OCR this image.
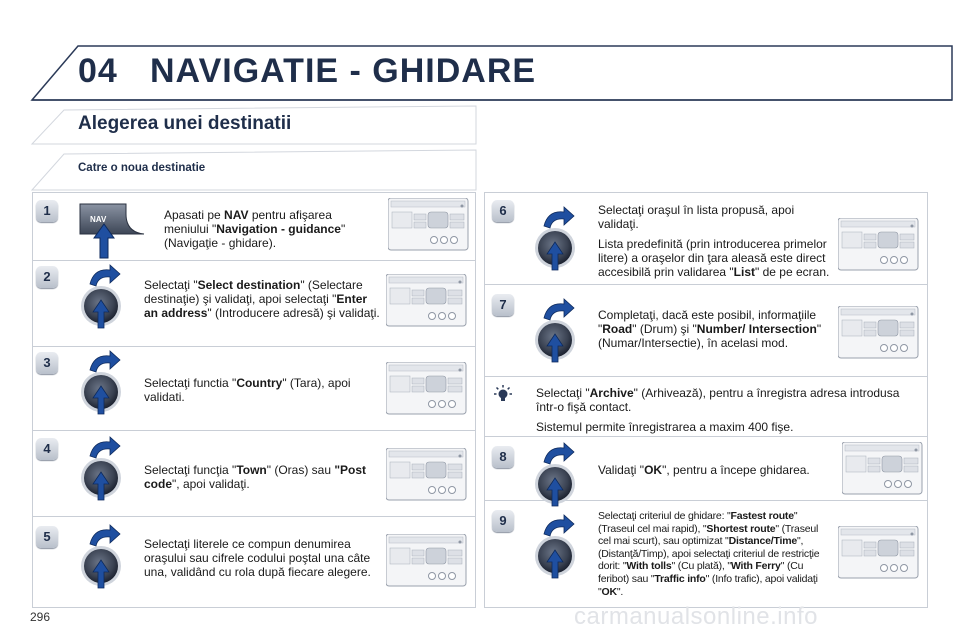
04 NAVIGATIE - GHIDARE
Alegerea unei destinatii
Catre o noua destinatie
1
2
3
4
5
6
7
8
9
NAV	Apasati pe NAV pentru afişarea meniului "Navigation - guidance" (Navigaţie - ghidare).
Selectaţi "Select destination" (Selectare destinaţie) şi validaţi, apoi selectaţi "Enter an address" (Introducere adresă) şi validaţi.
Selectaţi functia "Country" (Tara), apoi validati.
Selectaţi funcţia "Town" (Oras) sau "Post code", apoi validaţi.
Selectaţi literele ce compun denumirea oraşului sau cifrele codului poştal una câte una, validând cu rola după fiecare alegere.

Selectaţi oraşul în lista propusă, apoi validaţi.

Lista predefinită (prin introducerea primelor litere) a oraşelor din ţara aleasă este direct accesibilă prin validarea "List" de pe ecran.

Completaţi, dacă este posibil, informaţiile "Road" (Drum) şi "Number/ Intersection" (Numar/Intersectie), în acelasi mod.

Selectaţi "Archive" (Arhivează), pentru a înregistra adresa introdusa într-o fişă contact.

Sistemul permite înregistrarea a maxim 400 fişe.

Validaţi "OK", pentru a începe ghidarea.
Selectaţi criteriul de ghidare: "Fastest route" (Traseul cel mai rapid), "Shortest route" (Traseul cel mai scurt), sau optimizat "Distance/Time", (Distanţă/Timp), apoi selectaţi criteriul de restricţie dorit: "With tolls" (Cu plată), "With Ferry" (Cu feribot) sau "Traffic info" (Info trafic), apoi validaţi "OK".
296	carmanualsonline.info
